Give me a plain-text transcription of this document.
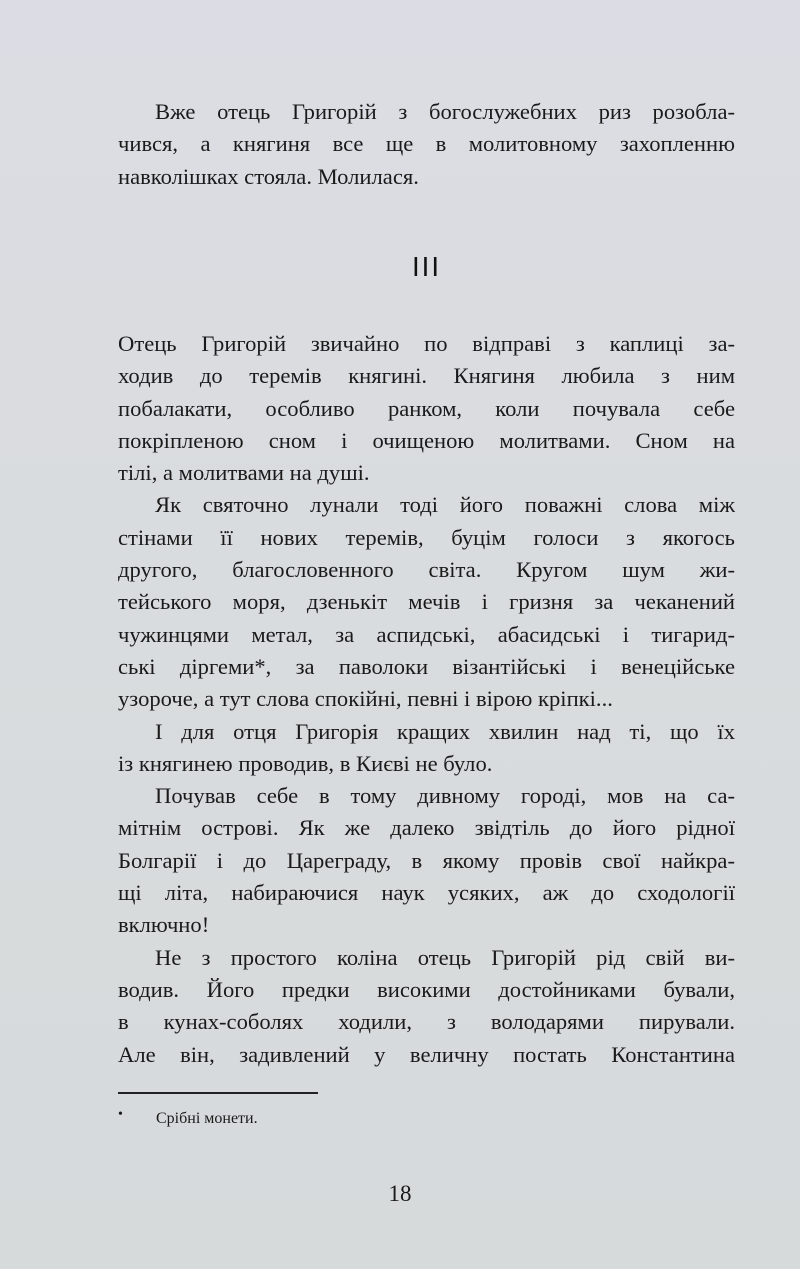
Вже отець Григорій з богослужебних риз розобла-
чився, а княгиня все ще в молитовному захопленню
навколішках стояла. Молилася.
III
Отець Григорій звичайно по відправі з каплиці за-
ходив до теремів княгині. Княгиня любила з ним
побалакати, особливо ранком, коли почувала себе
покріпленою сном і очищеною молитвами. Сном на
тілі, а молитвами на душі.
Як святочно лунали тоді його поважні слова між
стінами її нових теремів, буцім голоси з якогось
другого, благословенного світа. Кругом шум жи-
тейського моря, дзенькіт мечів і гризня за чеканений
чужинцями метал, за аспидські, абасидські і тигарид-
ські діргеми*, за паволоки візантійські і венеційське
узороче, а тут слова спокійні, певні і вірою кріпкі...
І для отця Григорія кращих хвилин над ті, що їх
із княгинею проводив, в Києві не було.
Почував себе в тому дивному городі, мов на са-
мітнім острові. Як же далеко звідтіль до його рідної
Болгарії і до Цареграду, в якому провів свої найкра-
щі літа, набираючися наук усяких, аж до сходології
включно!
Не з простого коліна отець Григорій рід свій ви-
водив. Його предки високими достойниками бували,
в кунах-соболях ходили, з володарями пирували.
Але він, задивлений у величну постать Константина
• Срібні монети.
18
